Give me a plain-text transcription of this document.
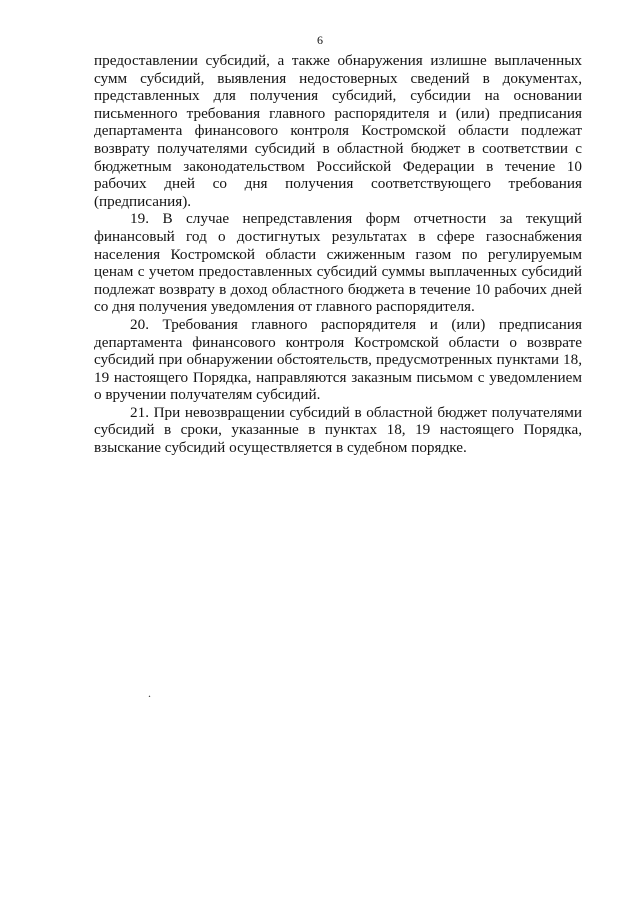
6

предоставлении субсидий, а также обнаружения излишне выплаченных сумм субсидий, выявления недостоверных сведений в документах, представленных для получения субсидий, субсидии на основании письменного требования главного распорядителя и (или) предписания департамента финансового контроля Костромской области подлежат возврату получателями субсидий в областной бюджет в соответствии с бюджетным законодательством Российской Федерации в течение 10 рабочих дней со дня получения соответствующего требования (предписания).

19. В случае непредставления форм отчетности за текущий финансовый год о достигнутых результатах в сфере газоснабжения населения Костромской области сжиженным газом по регулируемым ценам с учетом предоставленных субсидий суммы выплаченных субсидий подлежат возврату в доход областного бюджета в течение 10 рабочих дней со дня получения уведомления от главного распорядителя.

20. Требования главного распорядителя и (или) предписания департамента финансового контроля Костромской области о возврате субсидий при обнаружении обстоятельств, предусмотренных пунктами 18, 19 настоящего Порядка, направляются заказным письмом с уведомлением о вручении получателям субсидий.

21. При невозвращении субсидий в областной бюджет получателями субсидий в сроки, указанные в пунктах 18, 19 настоящего Порядка, взыскание субсидий осуществляется в судебном порядке.

.
